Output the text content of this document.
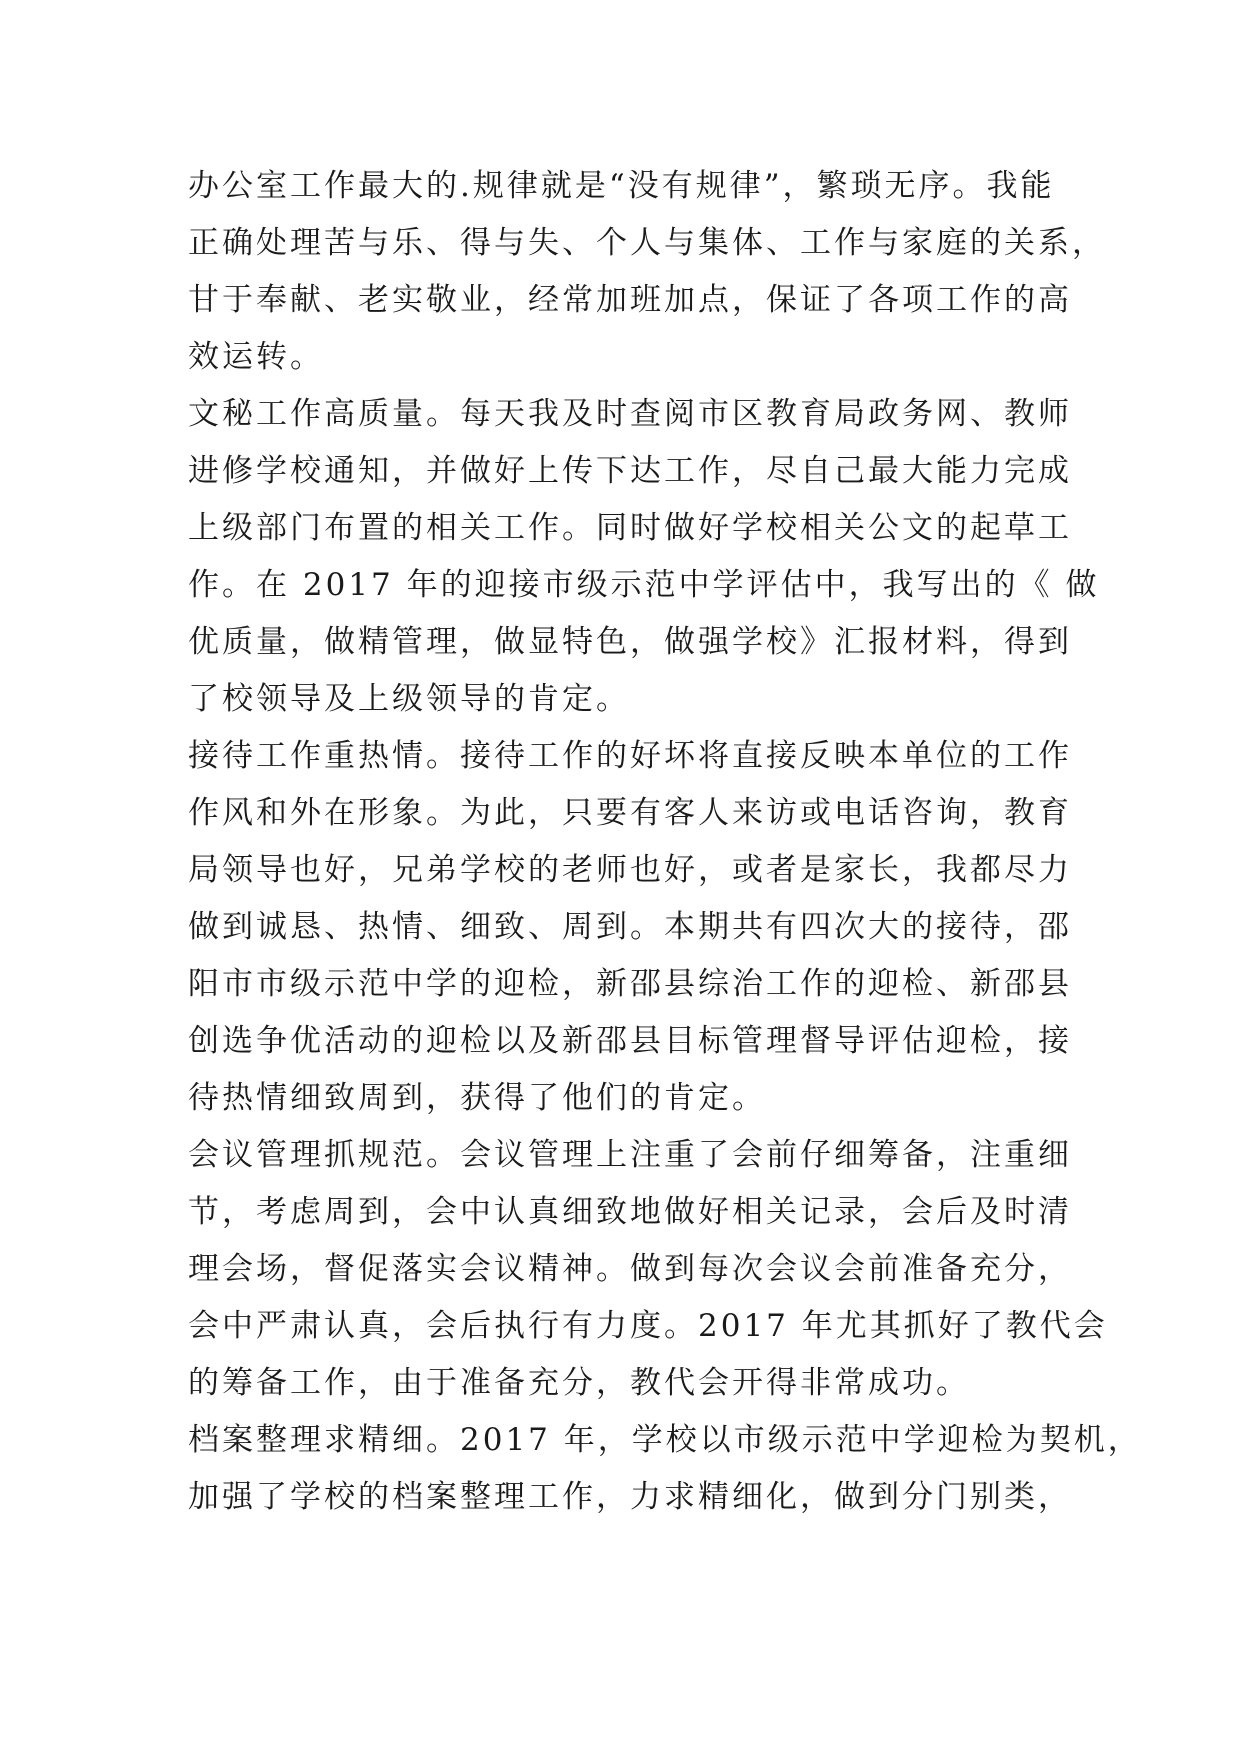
办公室工作最大的.规律就是“没有规律”，繁琐无序。我能
正确处理苦与乐、得与失、个人与集体、工作与家庭的关系，
甘于奉献、老实敬业，经常加班加点，保证了各项工作的高
效运转。
文秘工作高质量。每天我及时查阅市区教育局政务网、教师
进修学校通知，并做好上传下达工作，尽自己最大能力完成
上级部门布置的相关工作。同时做好学校相关公文的起草工
作。在 2017 年的迎接市级示范中学评估中，我写出的《 做
优质量，做精管理，做显特色，做强学校》汇报材料，得到
了校领导及上级领导的肯定。
接待工作重热情。接待工作的好坏将直接反映本单位的工作
作风和外在形象。为此，只要有客人来访或电话咨询，教育
局领导也好，兄弟学校的老师也好，或者是家长，我都尽力
做到诚恳、热情、细致、周到。本期共有四次大的接待，邵
阳市市级示范中学的迎检，新邵县综治工作的迎检、新邵县
创选争优活动的迎检以及新邵县目标管理督导评估迎检，接
待热情细致周到，获得了他们的肯定。
会议管理抓规范。会议管理上注重了会前仔细筹备，注重细
节，考虑周到，会中认真细致地做好相关记录，会后及时清
理会场，督促落实会议精神。做到每次会议会前准备充分，
会中严肃认真，会后执行有力度。2017 年尤其抓好了教代会
的筹备工作，由于准备充分，教代会开得非常成功。
档案整理求精细。2017 年，学校以市级示范中学迎检为契机，
加强了学校的档案整理工作，力求精细化，做到分门别类，
